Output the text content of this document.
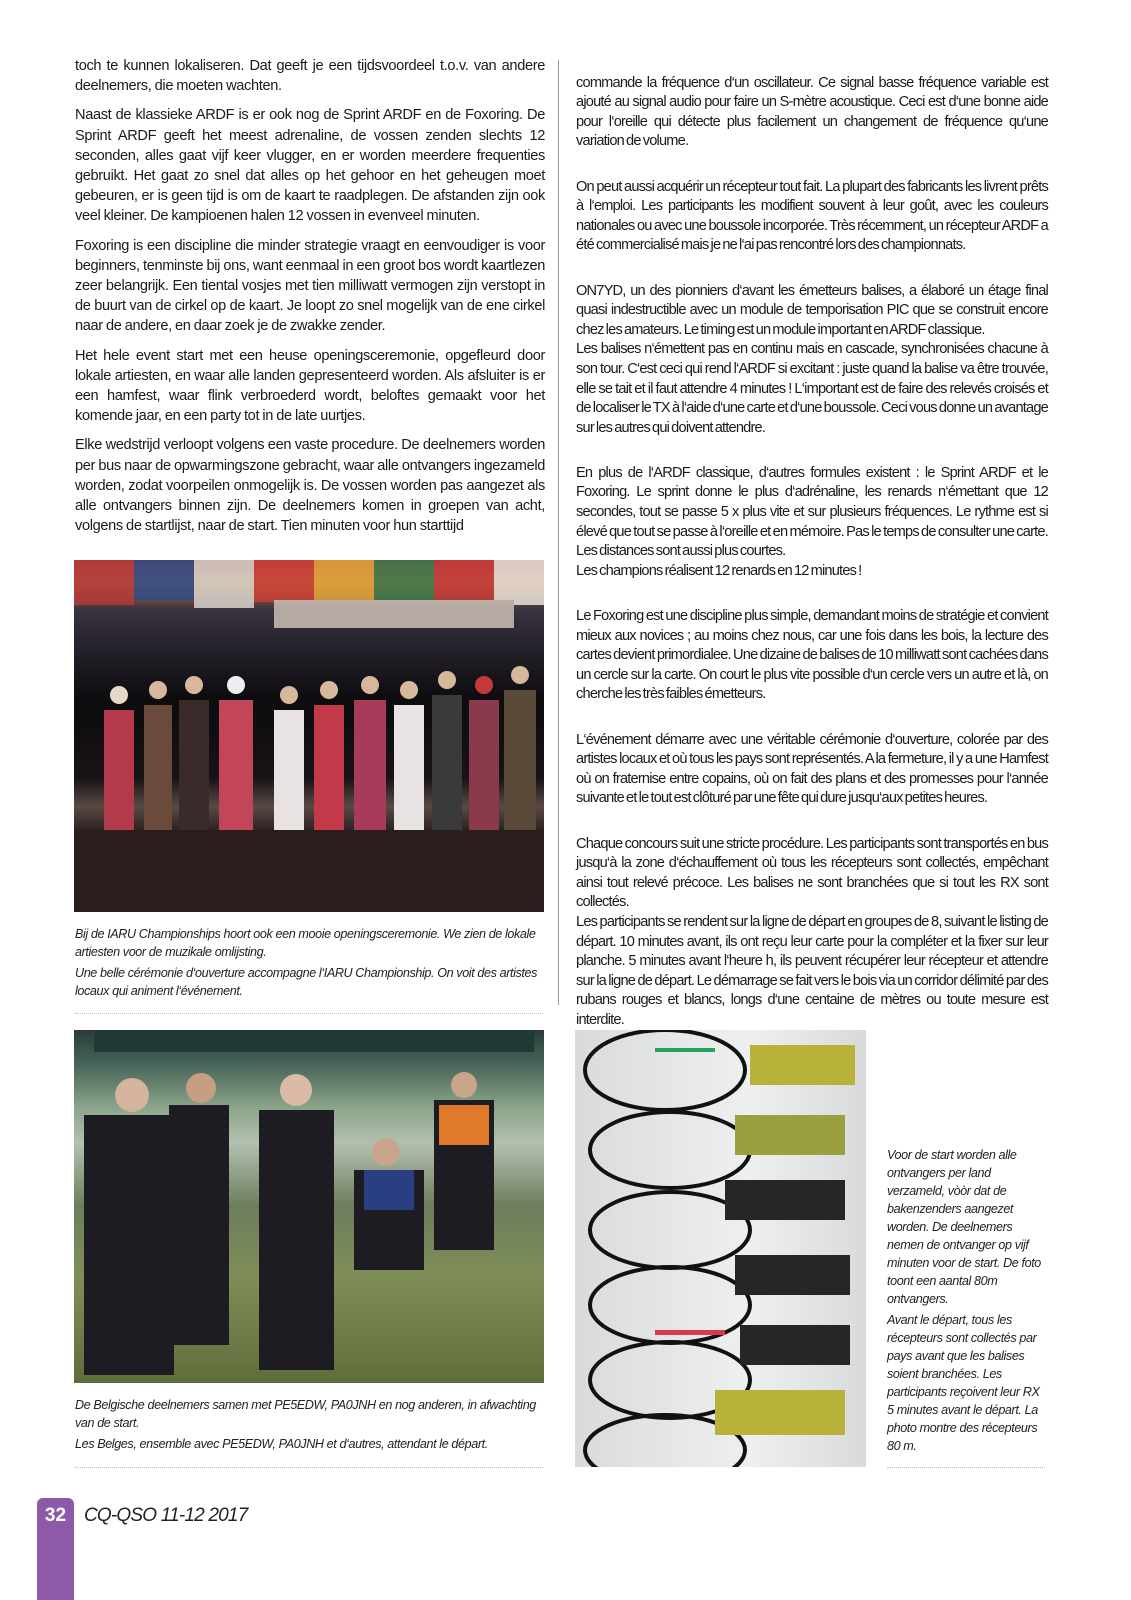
toch te kunnen lokaliseren. Dat geeft je een tijdsvoordeel t.o.v. van andere deelnemers, die moeten wachten.

Naast de klassieke ARDF is er ook nog de Sprint ARDF en de Foxoring. De Sprint ARDF geeft het meest adrenaline, de vossen zenden slechts 12 seconden, alles gaat vijf keer vlugger, en er worden meerdere frequenties gebruikt. Het gaat zo snel dat alles op het gehoor en het geheugen moet gebeuren, er is geen tijd is om de kaart te raadplegen. De afstanden zijn ook veel kleiner. De kampioenen halen 12 vossen in evenveel minuten.

Foxoring is een discipline die minder strategie vraagt en eenvoudiger is voor beginners, tenminste bij ons, want eenmaal in een groot bos wordt kaartlezen zeer belangrijk. Een tiental vosjes met tien milliwatt vermogen zijn verstopt in de buurt van de cirkel op de kaart. Je loopt zo snel mogelijk van de ene cirkel naar de andere, en daar zoek je de zwakke zender.

Het hele event start met een heuse openingsceremonie, opgefleurd door lokale artiesten, en waar alle landen gepresenteerd worden. Als afsluiter is er een hamfest, waar flink verbroederd wordt, beloftes gemaakt voor het komende jaar, en een party tot in de late uurtjes.

Elke wedstrijd verloopt volgens een vaste procedure. De deelnemers worden per bus naar de opwarmingszone gebracht, waar alle ontvangers ingezameld worden, zodat voorpeilen onmogelijk is. De vossen worden pas aangezet als alle ontvangers binnen zijn. De deelnemers komen in groepen van acht, volgens de startlijst, naar de start. Tien minuten voor hun starttijd

commande la fréquence d‘un oscillateur. Ce signal basse fréquence variable est ajouté au signal audio pour faire un S-mètre acoustique. Ceci est d‘une bonne aide pour l‘oreille qui détecte plus facilement un changement de fréquence qu‘une variation de volume.

On peut aussi acquérir un récepteur tout fait. La plupart des fabricants les livrent prêts à l‘emploi. Les participants les modifient souvent à leur goût, avec les couleurs nationales ou avec une boussole incorporée. Très récemment, un récepteur ARDF a été commercialisé mais je ne l‘ai pas rencontré lors des championnats.

ON7YD, un des pionniers d‘avant les émetteurs balises, a élaboré un étage final quasi indestructible avec un module de temporisation PIC que se construit encore chez les amateurs. Le timing est un module important en ARDF classique.
Les balises n‘émettent pas en continu mais en cascade, synchronisées chacune à son tour. C‘est ceci qui rend l‘ARDF si excitant : juste quand la balise va être trouvée, elle se tait et il faut attendre 4 minutes ! L‘important est de faire des relevés croisés et de localiser le TX à l‘aide d‘une carte et d‘une boussole. Ceci vous donne un avantage sur les autres qui doivent attendre.

En plus de l‘ARDF classique, d‘autres formules existent : le Sprint ARDF et le Foxoring. Le sprint donne le plus d‘adrénaline, les renards n‘émettant que 12 secondes, tout se passe 5 x plus vite et sur plusieurs fréquences. Le rythme est si élevé que tout se passe à l‘oreille et en mémoire. Pas le temps de consulter une carte. Les distances sont aussi plus courtes.
Les champions réalisent 12 renards en 12 minutes !

Le Foxoring est une discipline plus simple, demandant moins de stratégie et convient mieux aux novices ; au moins chez nous, car une fois dans les bois, la lecture des cartes devient primordialee. Une dizaine de balises de 10 milliwatt sont cachées dans un cercle sur la carte. On court le plus vite possible d‘un cercle vers un autre et là, on cherche les très faibles émetteurs.

L‘événement démarre avec une véritable cérémonie d‘ouverture, colorée par des artistes locaux et où tous les pays sont représentés. A la fermeture, il y a une Hamfest où on fraternise entre copains, où on fait des plans et des promesses pour l‘année suivante et le tout est clôturé par une fête qui dure jusqu‘aux petites heures.

Chaque concours suit une stricte procédure. Les participants sont transportés en bus jusqu‘à la zone d‘échauffement où tous les récepteurs sont collectés, empêchant ainsi tout relevé précoce. Les balises ne sont branchées que si tout les RX sont collectés.
Les participants se rendent sur la ligne de départ en groupes de 8, suivant le listing de départ. 10 minutes avant, ils ont reçu leur carte pour la compléter et la fixer sur leur planche. 5 minutes avant l‘heure h, ils peuvent récupérer leur récepteur et attendre sur la ligne de départ. Le démarrage se fait vers le bois via un corridor délimité par des rubans rouges et blancs, longs d‘une centaine de mètres ou toute mesure est interdite.

Bij de IARU Championships hoort ook een mooie openingsceremonie. We zien de lokale artiesten voor de muzikale omlijsting.

Une belle cérémonie d‘ouverture accompagne l‘IARU Championship. On voit des artistes locaux qui animent l‘événement.

De Belgische deelnemers samen met PE5EDW, PA0JNH en nog anderen, in afwachting van de start.

Les Belges, ensemble avec PE5EDW, PA0JNH et d‘autres, attendant le départ.

Voor de start worden alle ontvangers per land verzameld, vòòr dat de bakenzenders aangezet worden. De deelnemers nemen de ontvanger op vijf minuten voor de start. De foto toont een aantal 80m ontvangers.

Avant le départ, tous les récepteurs sont collectés par pays avant que les balises soient branchées. Les participants reçoivent leur RX 5 minutes avant le départ. La photo montre des récepteurs 80 m.

32 CQ-QSO 11-12 2017
